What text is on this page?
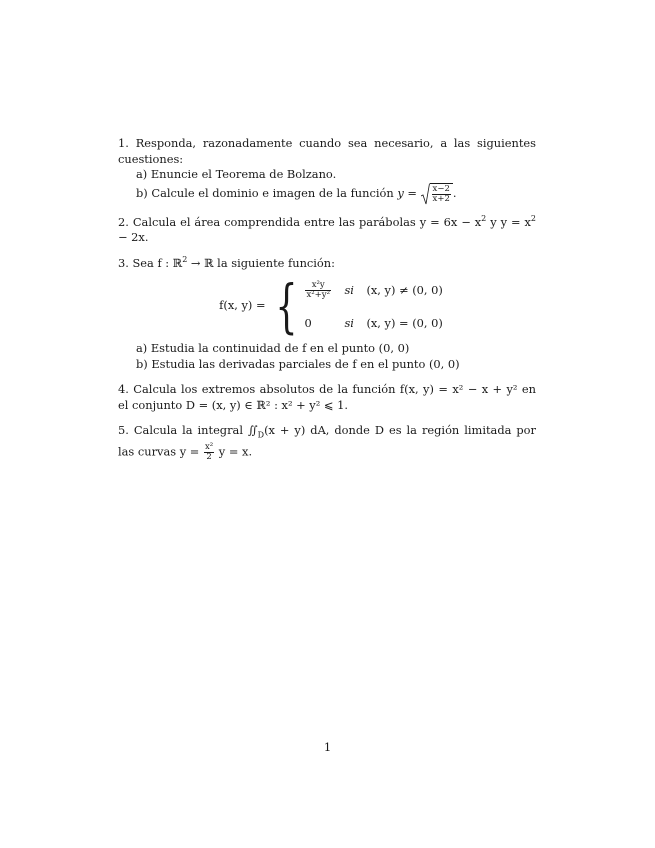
1. Responda, razonadamente cuando sea necesario, a las siguientes cuestiones:
a) Enuncie el Teorema de Bolzano.
b) Calcule el dominio e imagen de la función $y = \frac{x-2}{x+2}$ .
2. Calcula el área comprendida entre las parábolas $y = 6x - x^2$ y $y = x^2 - 2x$.
3. Sea f : ℝ$^2$ → ℝ la siguiente función:
f(x, y) = { $\frac{\text{x²y}}{\text{x²+y²}}$ si	(x, y) ≠ (0, 0)
0	si	(x, y) = (0, 0)
a) Estudia la continuidad de f en el punto (0, 0)
b) Estudia las derivadas parciales de f en el punto (0, 0)
4. Calcula los extremos absolutos de la función f(x, y) = x² − x + y² en el conjunto D = (x, y) ∈ ℝ² : x² + y² ⩽ 1.
5. Calcula la integral $∬_D(x + y)$ dA, donde D es la región limitada por las curvas $y = \frac{\text{x²}}{2}$ y = x.
1
